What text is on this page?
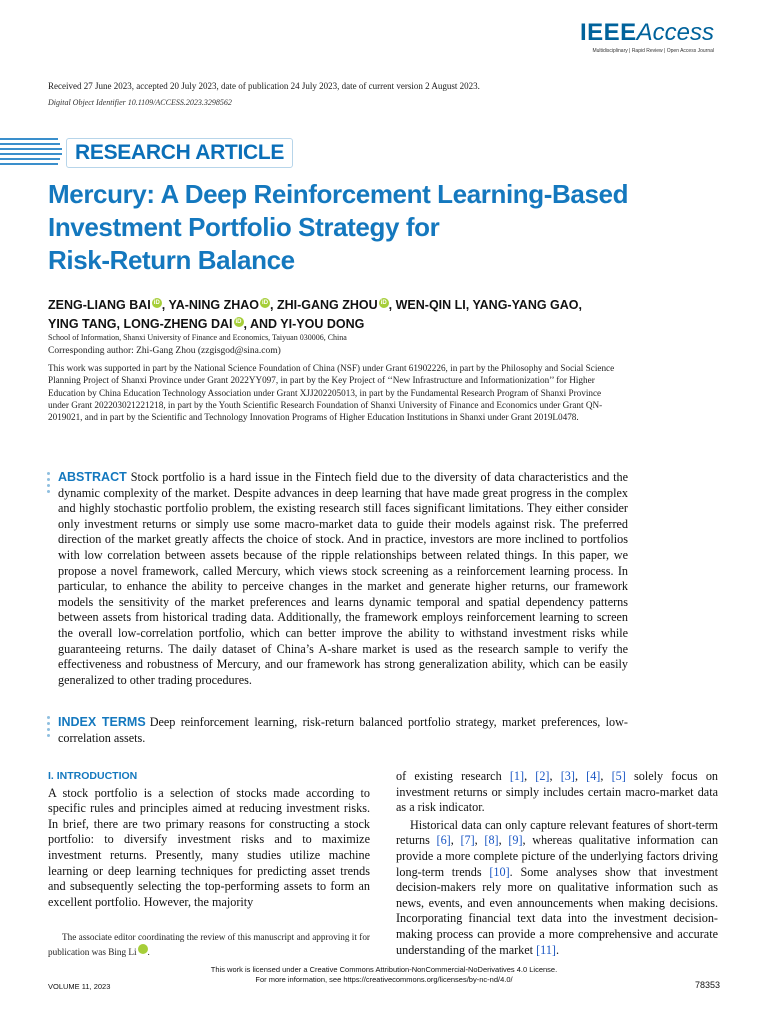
IEEEAccess
Multidisciplinary | Rapid Review | Open Access Journal
Received 27 June 2023, accepted 20 July 2023, date of publication 24 July 2023, date of current version 2 August 2023.
Digital Object Identifier 10.1109/ACCESS.2023.3298562
RESEARCH ARTICLE
Mercury: A Deep Reinforcement Learning-Based
Investment Portfolio Strategy for
Risk-Return Balance
ZENG-LIANG BAI iD , YA-NING ZHAO iD , ZHI-GANG ZHOU iD , WEN-QIN LI, YANG-YANG GAO,
YING TANG, LONG-ZHENG DAI iD , AND YI-YOU DONG
School of Information, Shanxi University of Finance and Economics, Taiyuan 030006, China
Corresponding author: Zhi-Gang Zhou (zzgisgod@sina.com)
This work was supported in part by the National Science Foundation of China (NSF) under Grant 61902226, in part by the Philosophy and Social Science Planning Project of Shanxi Province under Grant 2022YY097, in part by the Key Project of ‘‘New Infrastructure and Informationization’’ for Higher Education by China Education Technology Association under Grant XJJ202205013, in part by the Fundamental Research Program of Shanxi Province under Grant 202203021221218, in part by the Youth Scientific Research Foundation of Shanxi University of Finance and Economics under Grant QN-2019021, and in part by the Scientific and Technology Innovation Programs of Higher Education Institutions in Shanxi under Grant 2019L0478.
ABSTRACT Stock portfolio is a hard issue in the Fintech field due to the diversity of data characteristics and the dynamic complexity of the market. Despite advances in deep learning that have made great progress in the complex and highly stochastic portfolio problem, the existing research still faces significant limitations. They either consider only investment returns or simply use some macro-market data to guide their models against risk. The preferred direction of the market greatly affects the choice of stock. And in practice, investors are more inclined to portfolios with low correlation between assets because of the ripple relationships between related things. In this paper, we propose a novel framework, called Mercury, which views stock screening as a reinforcement learning process. In particular, to enhance the ability to perceive changes in the market and generate higher returns, our framework models the sensitivity of the market preferences and learns dynamic temporal and spatial dependency patterns between assets from historical trading data. Additionally, the framework employs reinforcement learning to screen the overall low-correlation portfolio, which can better improve the ability to withstand investment risks while guaranteeing returns. The daily dataset of China’s A-share market is used as the research sample to verify the effectiveness and robustness of Mercury, and our framework has strong generalization ability, which can be easily generalized to other trading procedures.
INDEX TERMS Deep reinforcement learning, risk-return balanced portfolio strategy, market preferences, low-correlation assets.
I. INTRODUCTION
A stock portfolio is a selection of stocks made according to specific rules and principles aimed at reducing investment risks. In brief, there are two primary reasons for constructing a stock portfolio: to diversify investment risks and to maximize investment returns. Presently, many studies utilize machine learning or deep learning techniques for predicting asset trends and subsequently selecting the top-performing assets to form an excellent portfolio. However, the majority
of existing research [1], [2], [3], [4], [5] solely focus on investment returns or simply includes certain macro-market data as a risk indicator.
Historical data can only capture relevant features of short-term returns [6], [7], [8], [9], whereas qualitative information can provide a more complete picture of the underlying factors driving long-term trends [10]. Some analyses show that investment decision-makers rely more on qualitative information such as news, events, and even announcements when making decisions. Incorporating financial text data into the investment decision-making process can provide a more comprehensive and accurate understanding of the market [11].
The associate editor coordinating the review of this manuscript and approving it for publication was Bing Li	iD.
This work is licensed under a Creative Commons Attribution-NonCommercial-NoDerivatives 4.0 License.
For more information, see https://creativecommons.org/licenses/by-nc-nd/4.0/
VOLUME 11, 2023	78353
